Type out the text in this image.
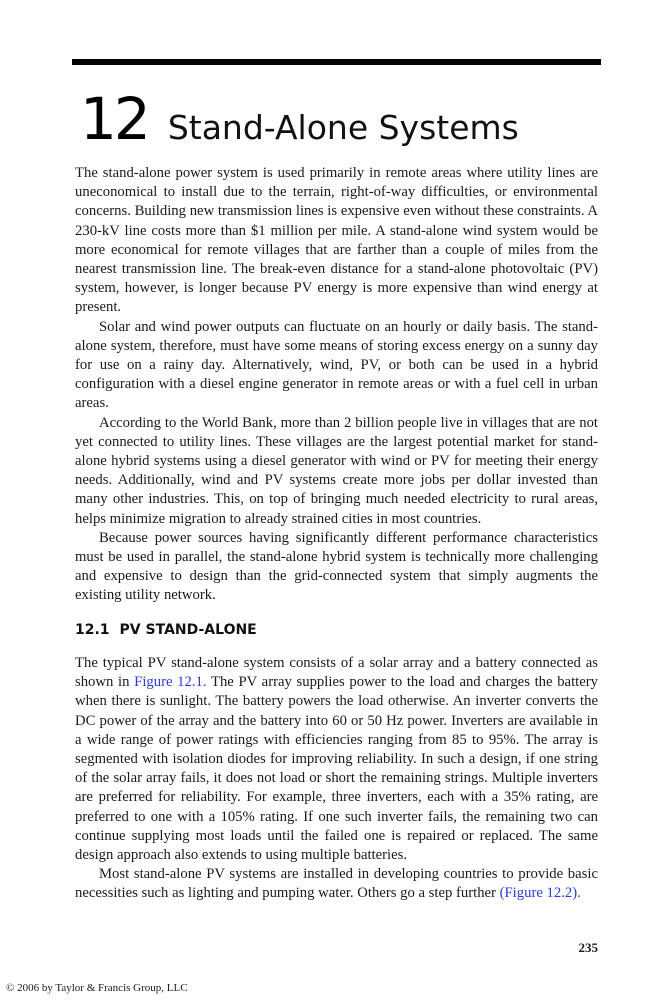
12 Stand-Alone Systems

The stand-alone power system is used primarily in remote areas where utility lines are uneconomical to install due to the terrain, right-of-way difficulties, or environmental concerns. Building new transmission lines is expensive even without these constraints. A 230-kV line costs more than $1 million per mile. A stand-alone wind system would be more economical for remote villages that are farther than a couple of miles from the nearest transmission line. The break-even distance for a stand-alone photovoltaic (PV) system, however, is longer because PV energy is more expensive than wind energy at present.

Solar and wind power outputs can fluctuate on an hourly or daily basis. The stand-alone system, therefore, must have some means of storing excess energy on a sunny day for use on a rainy day. Alternatively, wind, PV, or both can be used in a hybrid configuration with a diesel engine generator in remote areas or with a fuel cell in urban areas.

According to the World Bank, more than 2 billion people live in villages that are not yet connected to utility lines. These villages are the largest potential market for stand-alone hybrid systems using a diesel generator with wind or PV for meeting their energy needs. Additionally, wind and PV systems create more jobs per dollar invested than many other industries. This, on top of bringing much needed electricity to rural areas, helps minimize migration to already strained cities in most countries.

Because power sources having significantly different performance characteristics must be used in parallel, the stand-alone hybrid system is technically more challenging and expensive to design than the grid-connected system that simply augments the existing utility network.

12.1 PV STAND-ALONE

The typical PV stand-alone system consists of a solar array and a battery connected as shown in Figure 12.1. The PV array supplies power to the load and charges the battery when there is sunlight. The battery powers the load otherwise. An inverter converts the DC power of the array and the battery into 60 or 50 Hz power. Inverters are available in a wide range of power ratings with efficiencies ranging from 85 to 95%. The array is segmented with isolation diodes for improving reliability. In such a design, if one string of the solar array fails, it does not load or short the remaining strings. Multiple inverters are preferred for reliability. For example, three inverters, each with a 35% rating, are preferred to one with a 105% rating. If one such inverter fails, the remaining two can continue supplying most loads until the failed one is repaired or replaced. The same design approach also extends to using multiple batteries.

Most stand-alone PV systems are installed in developing countries to provide basic necessities such as lighting and pumping water. Others go a step further (Figure 12.2).

235
© 2006 by Taylor & Francis Group, LLC
